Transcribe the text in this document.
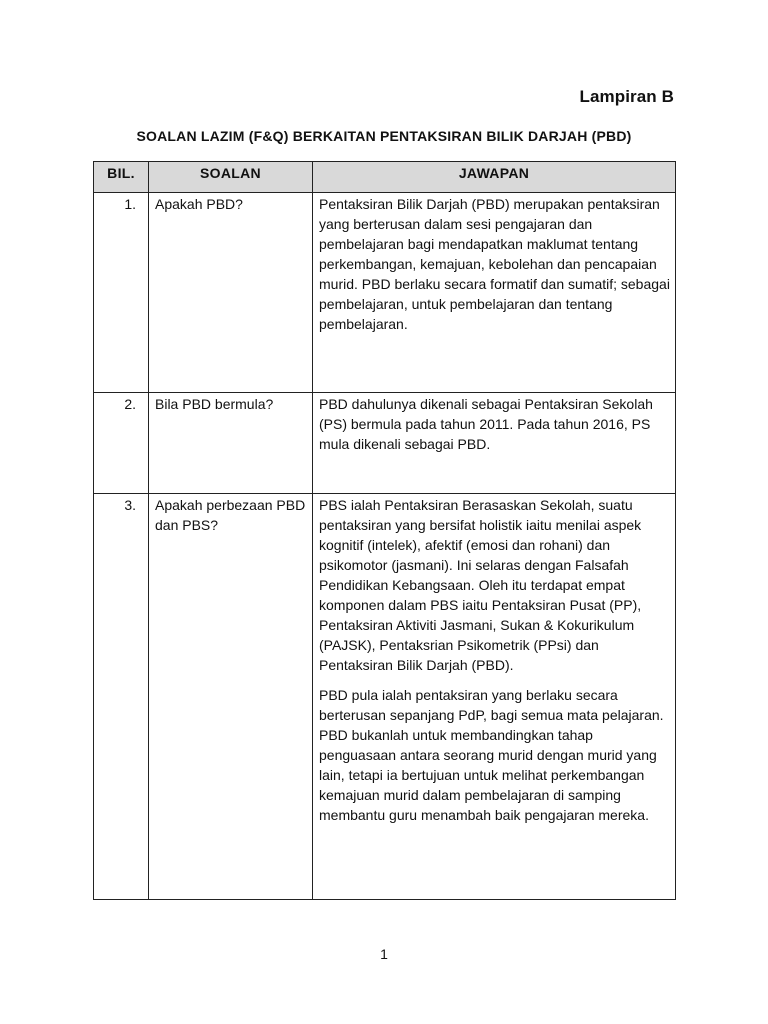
Lampiran B
SOALAN LAZIM (F&Q) BERKAITAN PENTAKSIRAN BILIK DARJAH (PBD)
BIL.	SOALAN	JAWAPAN
1.	Apakah PBD?	Pentaksiran Bilik Darjah (PBD) merupakan pentaksiran yang berterusan dalam sesi pengajaran dan pembelajaran bagi mendapatkan maklumat tentang perkembangan, kemajuan, kebolehan dan pencapaian murid. PBD berlaku secara formatif dan sumatif; sebagai pembelajaran, untuk pembelajaran dan tentang pembelajaran.

2.	Bila PBD bermula?	PBD dahulunya dikenali sebagai Pentaksiran Sekolah (PS) bermula pada tahun 2011. Pada tahun 2016, PS mula dikenali sebagai PBD.

3.	Apakah perbezaan PBD dan PBS?	PBS ialah Pentaksiran Berasaskan Sekolah, suatu pentaksiran yang bersifat holistik iaitu menilai aspek kognitif (intelek), afektif (emosi dan rohani) dan psikomotor (jasmani). Ini selaras dengan Falsafah Pendidikan Kebangsaan. Oleh itu terdapat empat komponen dalam PBS iaitu Pentaksiran Pusat (PP), Pentaksiran Aktiviti Jasmani, Sukan & Kokurikulum (PAJSK), Pentaksrian Psikometrik (PPsi) dan Pentaksiran Bilik Darjah (PBD).

PBD pula ialah pentaksiran yang berlaku secara berterusan sepanjang PdP, bagi semua mata pelajaran. PBD bukanlah untuk membandingkan tahap penguasaan antara seorang murid dengan murid yang lain, tetapi ia bertujuan untuk melihat perkembangan kemajuan murid dalam pembelajaran di samping membantu guru menambah baik pengajaran mereka.

1
